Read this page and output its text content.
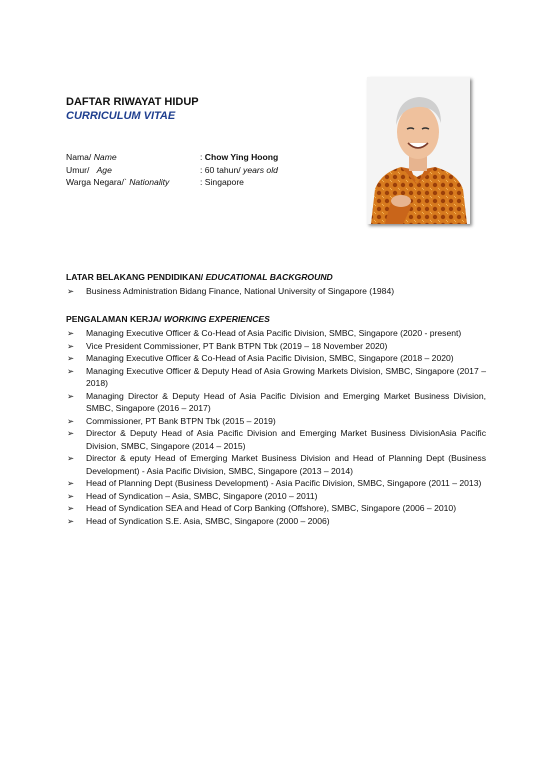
DAFTAR RIWAYAT HIDUP
CURRICULUM VITAE
Nama/ Name	: Chow Ying Hoong
Umur/   Age	: 60 tahun/ years old
Warga Negara/` Nationality	: Singapore
LATAR BELAKANG PENDIDIKAN/ EDUCATIONAL BACKGROUND
➢ Business Administration Bidang Finance, National University of Singapore (1984)
PENGALAMAN KERJA/ WORKING EXPERIENCES
➢ Managing Executive Officer & Co-Head of Asia Pacific Division, SMBC, Singapore (2020 - present)
➢ Vice President Commissioner, PT Bank BTPN Tbk (2019 – 18 November 2020)
➢ Managing Executive Officer & Co-Head of Asia Pacific Division, SMBC, Singapore (2018 – 2020)
➢ Managing Executive Officer & Deputy Head of Asia Growing Markets Division, SMBC, Singapore (2017 – 2018)
➢ Managing Director & Deputy Head of Asia Pacific Division and Emerging Market Business Division, SMBC, Singapore (2016 – 2017)
➢ Commissioner, PT Bank BTPN Tbk (2015 – 2019)
➢ Director & Deputy Head of Asia Pacific Division and Emerging Market Business DivisionAsia Pacific Division, SMBC, Singapore (2014 – 2015)
➢ Director & eputy Head of Emerging Market Business Division and Head of Planning Dept (Business Development) - Asia Pacific Division, SMBC, Singapore (2013 – 2014)
➢ Head of Planning Dept (Business Development) - Asia Pacific Division, SMBC, Singapore (2011 – 2013)
➢ Head of Syndication – Asia, SMBC, Singapore (2010 – 2011)
➢ Head of Syndication SEA and Head of Corp Banking (Offshore), SMBC, Singapore (2006 – 2010)
➢ Head of Syndication S.E. Asia, SMBC, Singapore (2000 – 2006)
